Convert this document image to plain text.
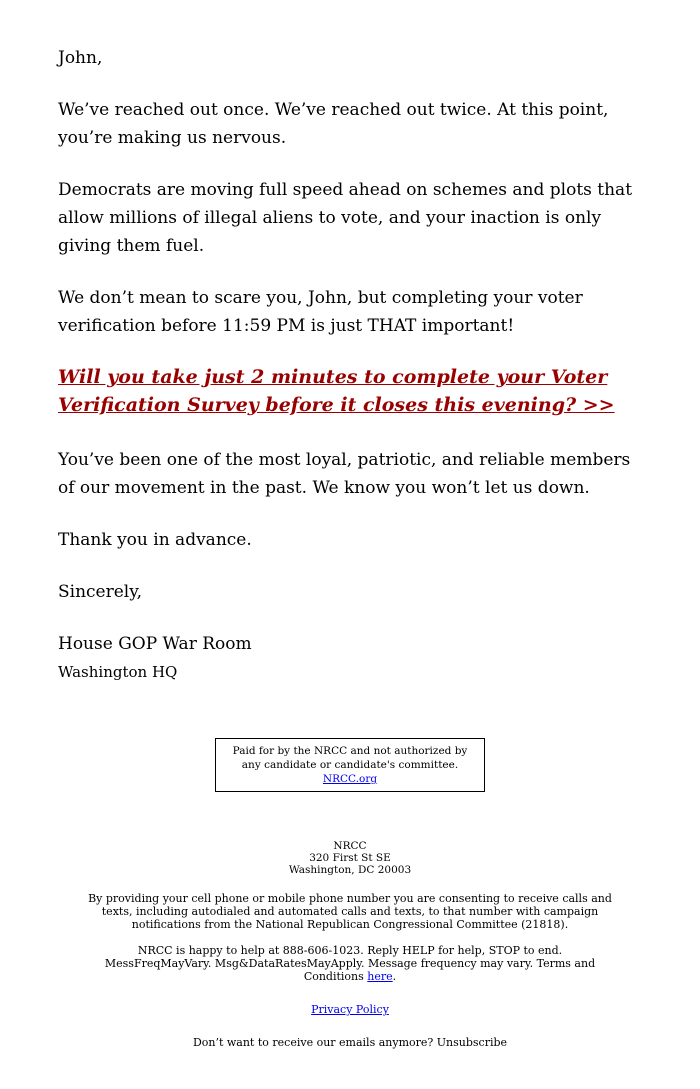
John,

We’ve reached out once. We’ve reached out twice. At this point, you’re making us nervous.

Democrats are moving full speed ahead on schemes and plots that allow millions of illegal aliens to vote, and your inaction is only giving them fuel.

We don’t mean to scare you, John, but completing your voter verification before 11:59 PM is just THAT important!

Will you take just 2 minutes to complete your Voter Verification Survey before it closes this evening? >>

You’ve been one of the most loyal, patriotic, and reliable members of our movement in the past. We know you won’t let us down.

Thank you in advance.

Sincerely,

House GOP War Room
Washington HQ

Paid for by the NRCC and not authorized by any candidate or candidate's committee. NRCC.org
NRCC
320 First St SE
Washington, DC 20003

By providing your cell phone or mobile phone number you are consenting to receive calls and texts, including autodialed and automated calls and texts, to that number with campaign notifications from the National Republican Congressional Committee (21818).

NRCC is happy to help at 888-606-1023. Reply HELP for help, STOP to end. MessFreqMayVary. Msg&DataRatesMayApply. Message frequency may vary. Terms and Conditions here.

Privacy Policy

Don’t want to receive our emails anymore? Unsubscribe
